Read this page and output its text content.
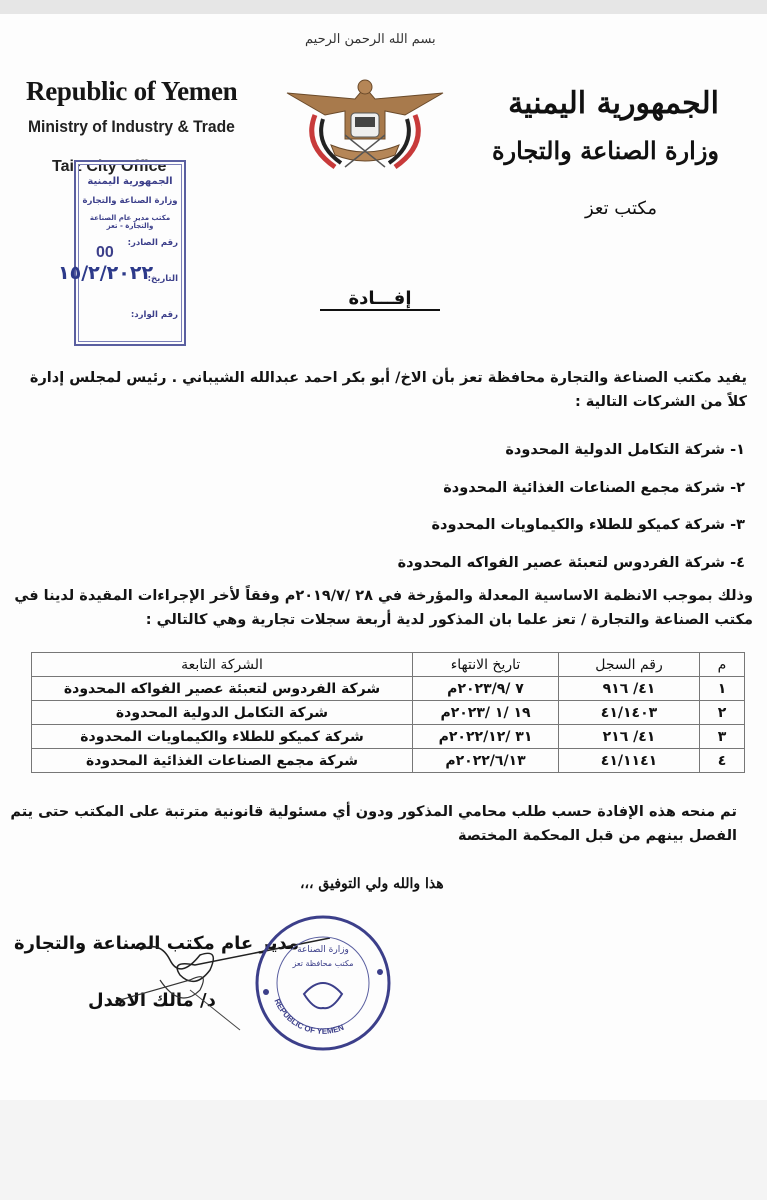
Republic of Yemen
Ministry of Industry & Trade
Taiz City Office
بسم الله الرحمن الرحيم
الجمهورية اليمنية
وزارة الصناعة والتجارة
مكتب تعز
الجمهورية اليمنية
وزارة الصناعة والتجارة
مكتب مدير عام الصناعة والتجارة - تعز
رقم الصادر:
التاريخ:
رقم الوارد:
00
١٥/٢/٢٠٢٢
إفـــادة
يفيد مكتب الصناعة والتجارة محافظة تعز بأن الاخ/ أبو بكر احمد عبدالله الشيباني . رئيس لمجلس إدارة كلاً من الشركات التالية :
١- شركة التكامل الدولية المحدودة
٢- شركة مجمع الصناعات الغذائية المحدودة
٣- شركة كميكو للطلاء والكيماويات المحدودة
٤- شركة الفردوس لتعبئة عصير الفواكه المحدودة
وذلك بموجب الانظمة الاساسية المعدلة والمؤرخة في ٢٨ /٢٠١٩/٧م وفقاً لأخر الإجراءات المقيدة لدينا في مكتب الصناعة والتجارة / تعز علما بان المذكور لدية أربعة سجلات تجارية وهي كالتالي :
م	رقم السجل	تاريخ الانتهاء	الشركة التابعة
١	٤١/ ٩١٦	٧ /٢٠٢٣/٩م	شركة الفردوس لتعبئة عصير الفواكه المحدودة
٢	٤١/١٤٠٣	١٩ /١ /٢٠٢٣م	شركة التكامل الدولية المحدودة
٣	٤١/ ٢١٦	٣١ /٢٠٢٢/١٢م	شركة كميكو للطلاء والكيماويات المحدودة
٤	٤١/١١٤١	٢٠٢٢/٦/١٣م	شركة مجمع الصناعات الغذائية المحدودة
تم منحه هذه الإفادة حسب طلب محامي المذكور ودون أي مسئولية قانونية مترتبة على المكتب حتى يتم الفصل بينهم من قبل المحكمة المختصة
هذا والله ولي التوفيق ،،،
مدير عام مكتب الصناعة والتجارة
د/ مالك الاهدل	REPUBLIC OF YEMEN
وزارة الصناعة
مكتب محافظة تعز
